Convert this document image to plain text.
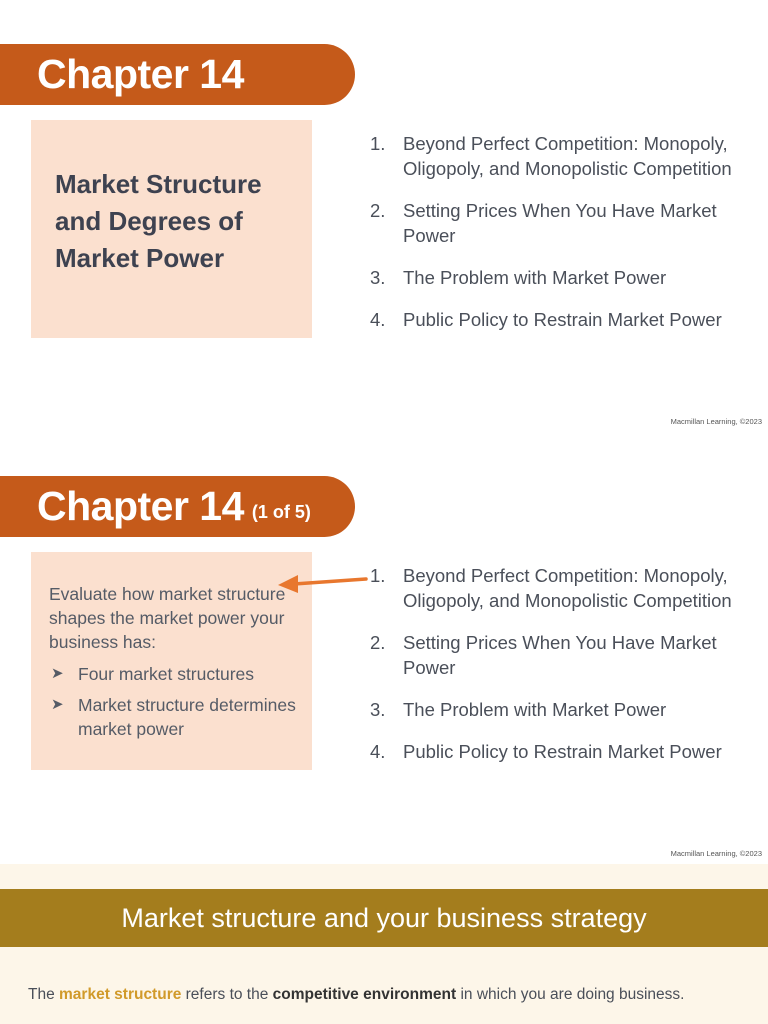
Chapter 14

Market Structure
and Degrees of
Market Power

1. Beyond Perfect Competition: Monopoly, Oligopoly, and Monopolistic Competition
2. Setting Prices When You Have Market Power
3. The Problem with Market Power
4. Public Policy to Restrain Market Power
Macmillan Learning, ©2023
Chapter 14 (1 of 5)

Evaluate how market structure shapes the market power your business has:

➤ Four market structures
➤ Market structure determines market power
1. Beyond Perfect Competition: Monopoly, Oligopoly, and Monopolistic Competition
2. Setting Prices When You Have Market Power
3. The Problem with Market Power
4. Public Policy to Restrain Market Power
Macmillan Learning, ©2023
Market structure and your business strategy

The market structure refers to the competitive environment in which you are doing business.
